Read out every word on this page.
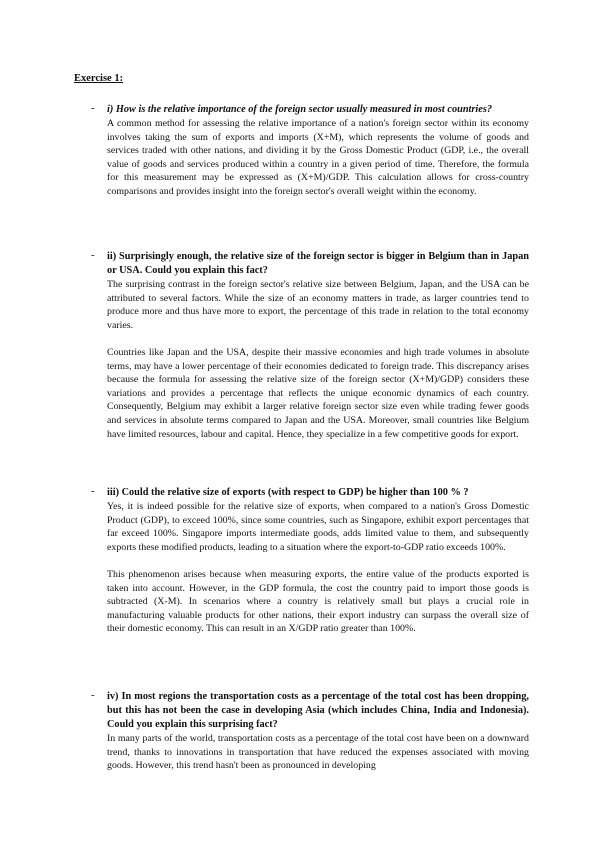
Exercise 1:
- i) How is the relative importance of the foreign sector usually measured in most countries?

A common method for assessing the relative importance of a nation's foreign sector within its economy involves taking the sum of exports and imports (X+M), which represents the volume of goods and services traded with other nations, and dividing it by the Gross Domestic Product (GDP, i.e., the overall value of goods and services produced within a country in a given period of time. Therefore, the formula for this measurement may be expressed as (X+M)/GDP. This calculation allows for cross-country comparisons and provides insight into the foreign sector's overall weight within the economy.

- ii) Surprisingly enough, the relative size of the foreign sector is bigger in Belgium than in Japan or USA. Could you explain this fact?

The surprising contrast in the foreign sector's relative size between Belgium, Japan, and the USA can be attributed to several factors. While the size of an economy matters in trade, as larger countries tend to produce more and thus have more to export, the percentage of this trade in relation to the total economy varies.

Countries like Japan and the USA, despite their massive economies and high trade volumes in absolute terms, may have a lower percentage of their economies dedicated to foreign trade. This discrepancy arises because the formula for assessing the relative size of the foreign sector (X+M)/GDP) considers these variations and provides a percentage that reflects the unique economic dynamics of each country. Consequently, Belgium may exhibit a larger relative foreign sector size even while trading fewer goods and services in absolute terms compared to Japan and the USA. Moreover, small countries like Belgium have limited resources, labour and capital. Hence, they specialize in a few competitive goods for export.

- iii) Could the relative size of exports (with respect to GDP) be higher than 100 % ?

Yes, it is indeed possible for the relative size of exports, when compared to a nation's Gross Domestic Product (GDP), to exceed 100%, since some countries, such as Singapore, exhibit export percentages that far exceed 100%. Singapore imports intermediate goods, adds limited value to them, and subsequently exports these modified products, leading to a situation where the export-to-GDP ratio exceeds 100%.

This phenomenon arises because when measuring exports, the entire value of the products exported is taken into account. However, in the GDP formula, the cost the country paid to import those goods is subtracted (X-M). In scenarios where a country is relatively small but plays a crucial role in manufacturing valuable products for other nations, their export industry can surpass the overall size of their domestic economy. This can result in an X/GDP ratio greater than 100%.

- iv) In most regions the transportation costs as a percentage of the total cost has been dropping, but this has not been the case in developing Asia (which includes China, India and Indonesia). Could you explain this surprising fact?

In many parts of the world, transportation costs as a percentage of the total cost have been on a downward trend, thanks to innovations in transportation that have reduced the expenses associated with moving goods. However, this trend hasn't been as pronounced in developing
